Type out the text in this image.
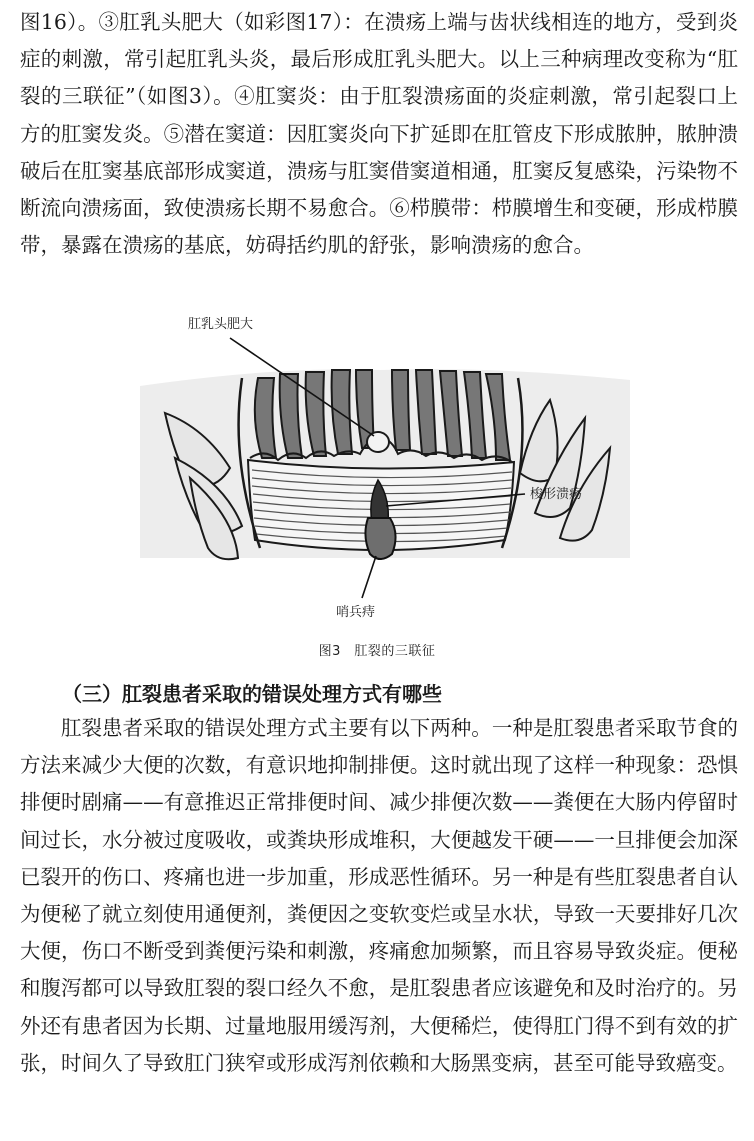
图16）。③肛乳头肥大（如彩图17）：在溃疡上端与齿状线相连的地方，受到炎症的刺激，常引起肛乳头炎，最后形成肛乳头肥大。以上三种病理改变称为“肛裂的三联征”（如图3）。④肛窦炎：由于肛裂溃疡面的炎症刺激，常引起裂口上方的肛窦发炎。⑤潜在窦道：因肛窦炎向下扩延即在肛管皮下形成脓肿，脓肿溃破后在肛窦基底部形成窦道，溃疡与肛窦借窦道相通，肛窦反复感染，污染物不断流向溃疡面，致使溃疡长期不易愈合。⑥栉膜带：栉膜增生和变硬，形成栉膜带，暴露在溃疡的基底，妨碍括约肌的舒张，影响溃疡的愈合。

肛乳头肥大
梭形溃疡
哨兵痔
图3　肛裂的三联征
（三）肛裂患者采取的错误处理方式有哪些

肛裂患者采取的错误处理方式主要有以下两种。一种是肛裂患者采取节食的方法来减少大便的次数，有意识地抑制排便。这时就出现了这样一种现象：恐惧排便时剧痛——有意推迟正常排便时间、减少排便次数——粪便在大肠内停留时间过长，水分被过度吸收，或粪块形成堆积，大便越发干硬——一旦排便会加深已裂开的伤口、疼痛也进一步加重，形成恶性循环。另一种是有些肛裂患者自认为便秘了就立刻使用通便剂，粪便因之变软变烂或呈水状，导致一天要排好几次大便，伤口不断受到粪便污染和刺激，疼痛愈加频繁，而且容易导致炎症。便秘和腹泻都可以导致肛裂的裂口经久不愈，是肛裂患者应该避免和及时治疗的。另外还有患者因为长期、过量地服用缓泻剂，大便稀烂，使得肛门得不到有效的扩张，时间久了导致肛门狭窄或形成泻剂依赖和大肠黑变病，甚至可能导致癌变。
